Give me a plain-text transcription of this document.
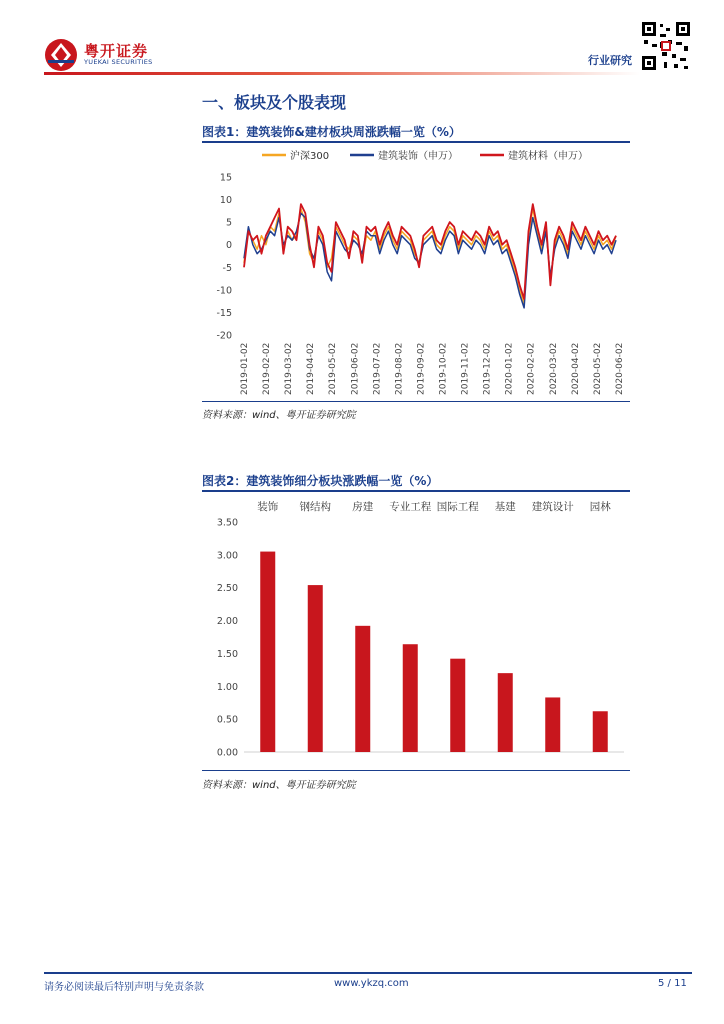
粤开证券
YUEKAI SECURITIES	行业研究
一、板块及个股表现
图表1：建筑装饰&建材板块周涨跌幅一览（%）
沪深300	建筑装饰（申万）	建筑材料（申万）
15
10
5
0
-5
-10
-15
-20
2019-01-02 2019-02-02 2019-03-02 2019-04-02 2019-05-02 2019-06-02 2019-07-02 2019-08-02 2019-09-02 2019-10-02 2019-11-02 2019-12-02 2020-01-02 2020-02-02 2020-03-02 2020-04-02 2020-05-02 2020-06-02
资料来源：wind、粤开证券研究院
图表2：建筑装饰细分板块涨跌幅一览（%）
装饰 钢结构 房建 专业工程 国际工程 基建 建筑设计 园林
3.50
3.00
2.50
2.00
1.50
1.00
0.50
0.00
资料来源：wind、粤开证券研究院
请务必阅读最后特别声明与免责条款	www.ykzq.com	5 / 11
